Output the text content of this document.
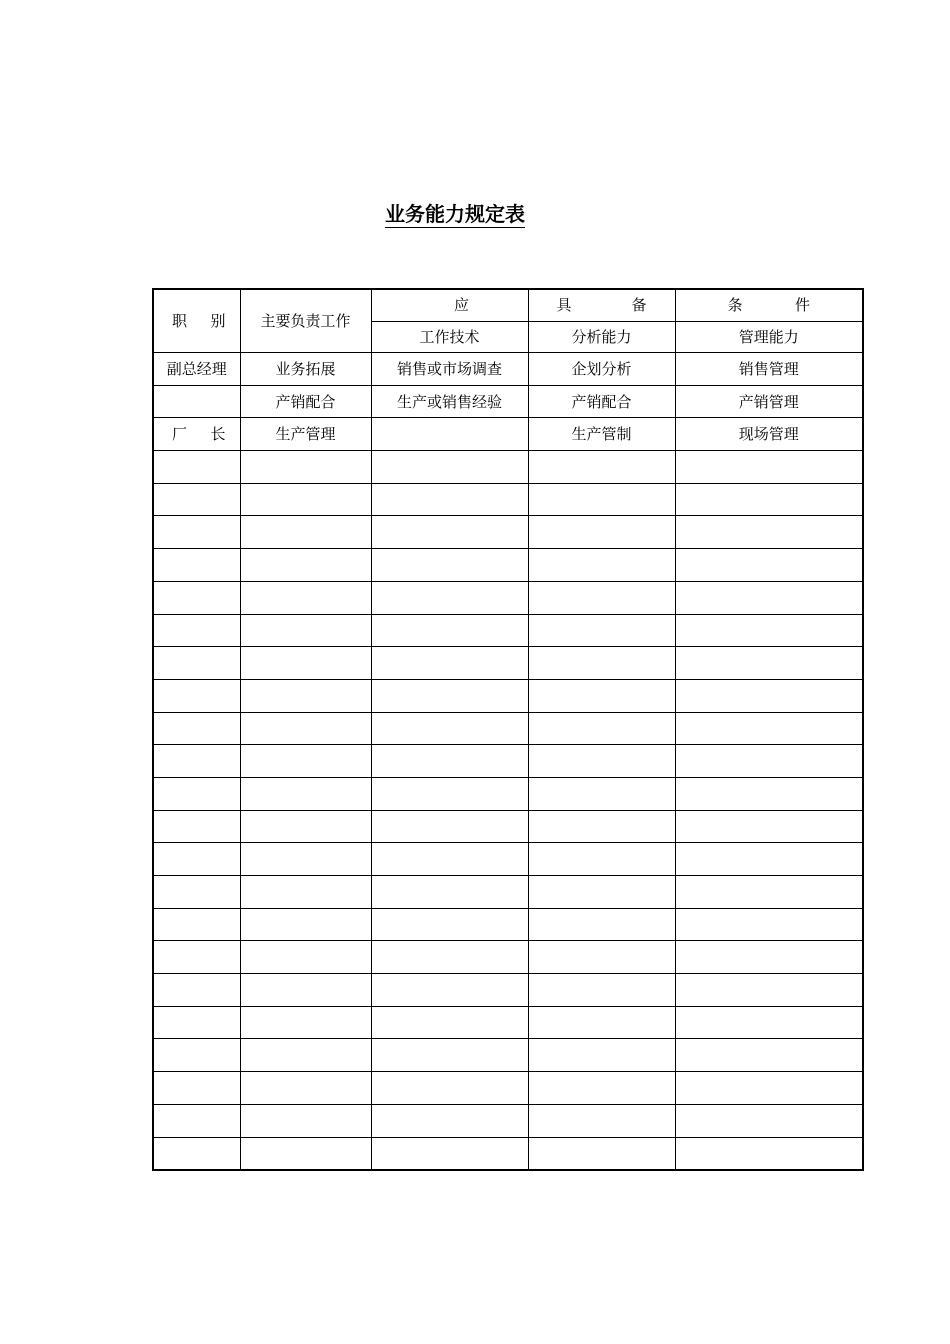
业务能力规定表
职 别	主要负责工作	应	具 备	条 件

		工作技术	分析能力	管理能力
副总经理	业务拓展	销售或市场调查	企划分析	销售管理
	产销配合	生产或销售经验	产销配合	产销管理

厂 长	生产管理		生产管制	现场管理
